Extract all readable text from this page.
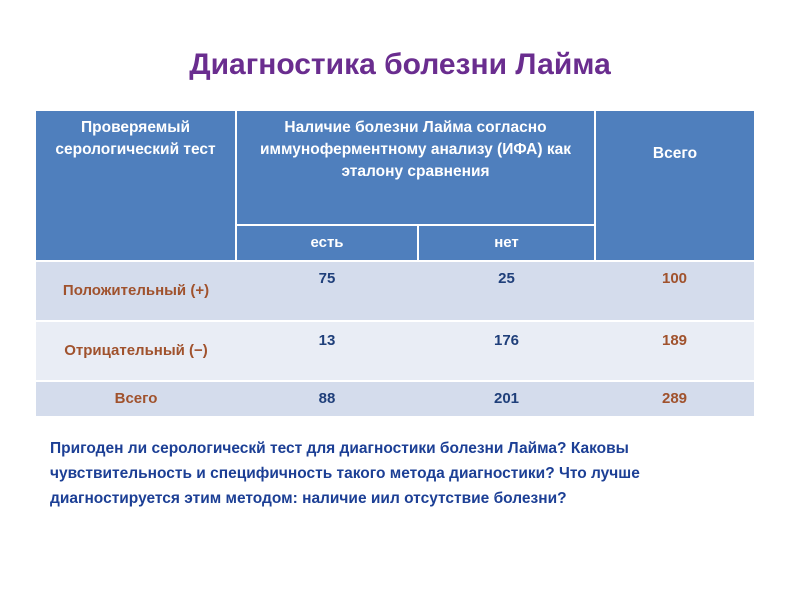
Диагностика болезни Лайма
Проверяемый серологический тест	Наличие болезни Лайма согласно иммуноферментному анализу (ИФА) как эталону сравнения		Всего
	есть	нет	
Положительный (+)	75	25	100
Отрицательный (−)	13	176	189
Всего	88	201	289
Пригоден ли серологическй тест для диагностики болезни Лайма? Каковы чувствительность и специфичность такого метода диагностики? Что лучше диагностируется этим методом: наличие иил отсутствие болезни?
